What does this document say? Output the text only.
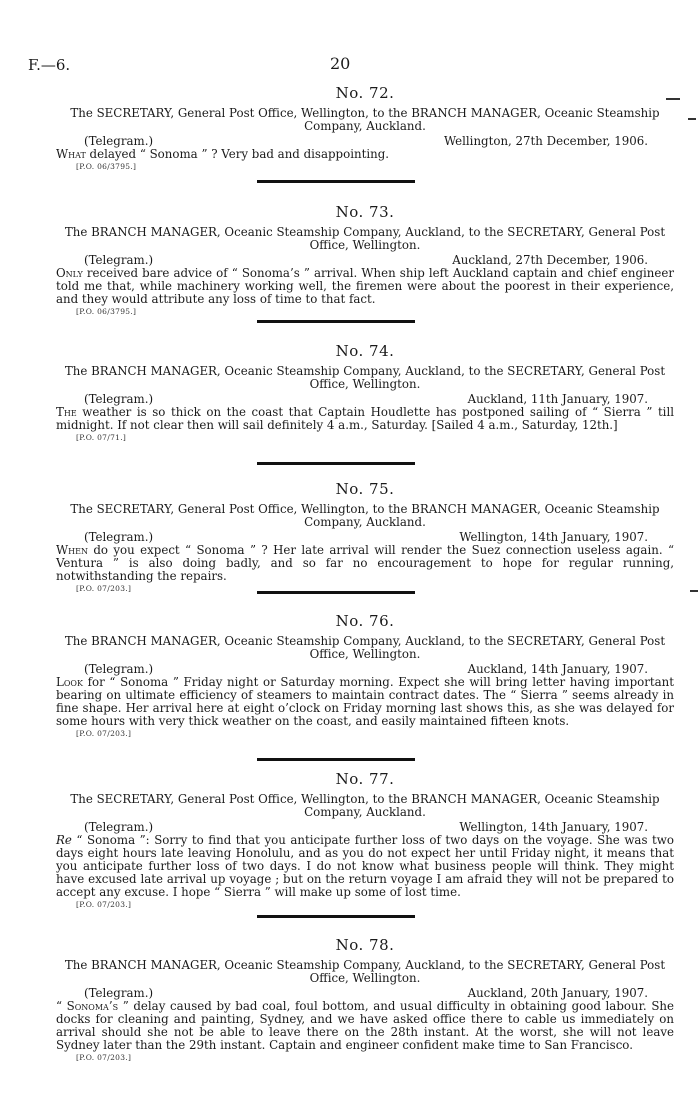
F.—6.	20
No. 72.
The SECRETARY, General Post Office, Wellington, to the BRANCH MANAGER, Oceanic Steamship Company, Auckland.
(Telegram.)	Wellington, 27th December, 1906.
What delayed “ Sonoma ” ? Very bad and disappointing.
[P.O. 06/3795.]
No. 73.
The BRANCH MANAGER, Oceanic Steamship Company, Auckland, to the SECRETARY, General Post Office, Wellington.
(Telegram.)	Auckland, 27th December, 1906.
Only received bare advice of “ Sonoma’s ” arrival. When ship left Auckland captain and chief engineer told me that, while machinery working well, the firemen were about the poorest in their experience, and they would attribute any loss of time to that fact.
[P.O. 06/3795.]
No. 74.
The BRANCH MANAGER, Oceanic Steamship Company, Auckland, to the SECRETARY, General Post Office, Wellington.
(Telegram.)	Auckland, 11th January, 1907.
The weather is so thick on the coast that Captain Houdlette has postponed sailing of “ Sierra ” till midnight. If not clear then will sail definitely 4 a.m., Saturday. [Sailed 4 a.m., Saturday, 12th.]
[P.O. 07/71.]
No. 75.
The SECRETARY, General Post Office, Wellington, to the BRANCH MANAGER, Oceanic Steamship Company, Auckland.
(Telegram.)	Wellington, 14th January, 1907.
When do you expect “ Sonoma ” ? Her late arrival will render the Suez connection useless again. “ Ventura ” is also doing badly, and so far no encouragement to hope for regular running, notwithstanding the repairs.
[P.O. 07/203.]
No. 76.
The BRANCH MANAGER, Oceanic Steamship Company, Auckland, to the SECRETARY, General Post Office, Wellington.
(Telegram.)	Auckland, 14th January, 1907.
Look for “ Sonoma ” Friday night or Saturday morning. Expect she will bring letter having important bearing on ultimate efficiency of steamers to maintain contract dates. The “ Sierra ” seems already in fine shape. Her arrival here at eight o’clock on Friday morning last shows this, as she was delayed for some hours with very thick weather on the coast, and easily maintained fifteen knots.
[P.O. 07/203.]
No. 77.
The SECRETARY, General Post Office, Wellington, to the BRANCH MANAGER, Oceanic Steamship Company, Auckland.
(Telegram.)	Wellington, 14th January, 1907.
Re “ Sonoma ”: Sorry to find that you anticipate further loss of two days on the voyage. She was two days eight hours late leaving Honolulu, and as you do not expect her until Friday night, it means that you anticipate further loss of two days. I do not know what business people will think. They might have excused late arrival up voyage ; but on the return voyage I am afraid they will not be prepared to accept any excuse. I hope “ Sierra ” will make up some of lost time.
[P.O. 07/203.]
No. 78.
The BRANCH MANAGER, Oceanic Steamship Company, Auckland, to the SECRETARY, General Post Office, Wellington.
(Telegram.)	Auckland, 20th January, 1907.
“ Sonoma’s ” delay caused by bad coal, foul bottom, and usual difficulty in obtaining good labour. She docks for cleaning and painting, Sydney, and we have asked office there to cable us immediately on arrival should she not be able to leave there on the 28th instant. At the worst, she will not leave Sydney later than the 29th instant. Captain and engineer confident make time to San Francisco.
[P.O. 07/203.]
